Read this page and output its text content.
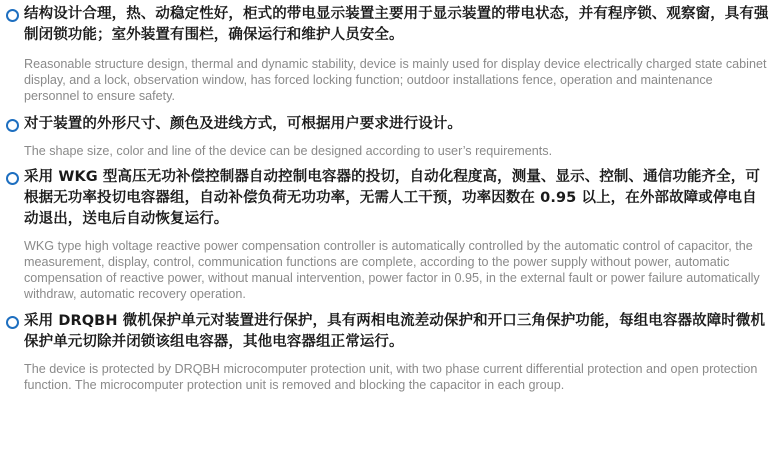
结构设计合理，热、动稳定性好，柜式的带电显示装置主要用于显示装置的带电状态，并有程序锁、观察窗，具有强制闭锁功能；室外装置有围栏，确保运行和维护人员安全。

Reasonable structure design, thermal and dynamic stability, device is mainly used for display device electrically charged state cabinet display, and a lock, observation window, has forced locking function; outdoor installations fence, operation and maintenance personnel to ensure safety.

对于装置的外形尺寸、颜色及进线方式，可根据用户要求进行设计。

The shape size, color and line of the device can be designed according to user’s requirements.

采用 WKG 型高压无功补偿控制器自动控制电容器的投切，自动化程度高，测量、显示、控制、通信功能齐全，可根据无功率投切电容器组，自动补偿负荷无功功率，无需人工干预，功率因数在 0.95 以上，在外部故障或停电自动退出，送电后自动恢复运行。

WKG type high voltage reactive power compensation controller is automatically controlled by the automatic control of capacitor, the measurement, display, control, communication functions are complete, according to the power supply without power, automatic compensation of reactive power, without manual intervention, power factor in 0.95, in the external fault or power failure automatically withdraw, automatic recovery operation.

采用 DRQBH 微机保护单元对装置进行保护，具有两相电流差动保护和开口三角保护功能，每组电容器故障时微机保护单元切除并闭锁该组电容器，其他电容器组正常运行。

The device is protected by DRQBH microcomputer protection unit, with two phase current differential protection and open protection function. The microcomputer protection unit is removed and blocking the capacitor in each group.
